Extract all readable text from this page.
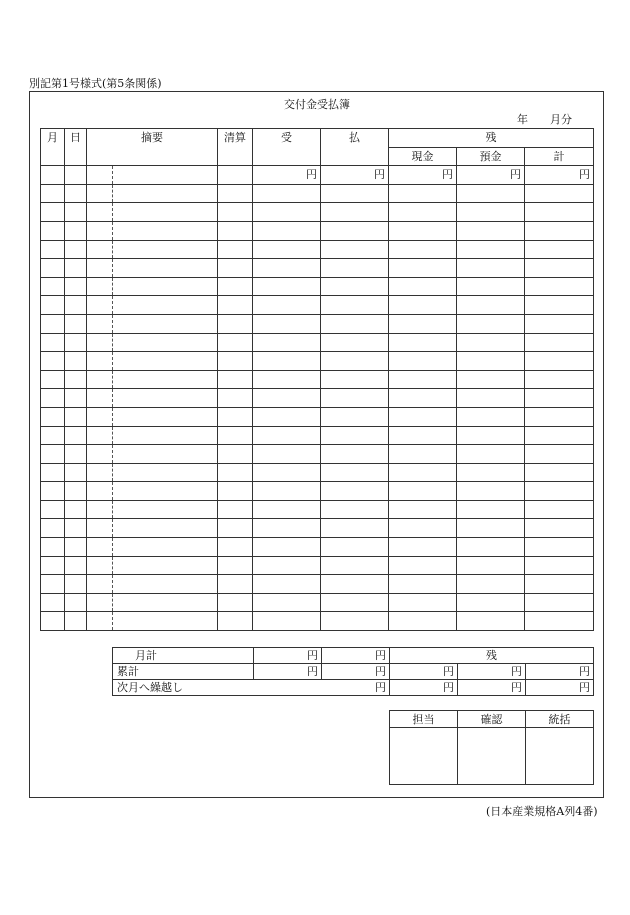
別記第1号様式(第5条関係)
交付金受払簿
年 月分
月	日	摘要		清算	受	払	残		
							現金	預金	計
					円	円	円	円	円

月計	円	円	残		
累計	円	円	円	円	円
次月へ繰越し		円	円	円	円
担当	確認	統括

(日本産業規格A列4番)
